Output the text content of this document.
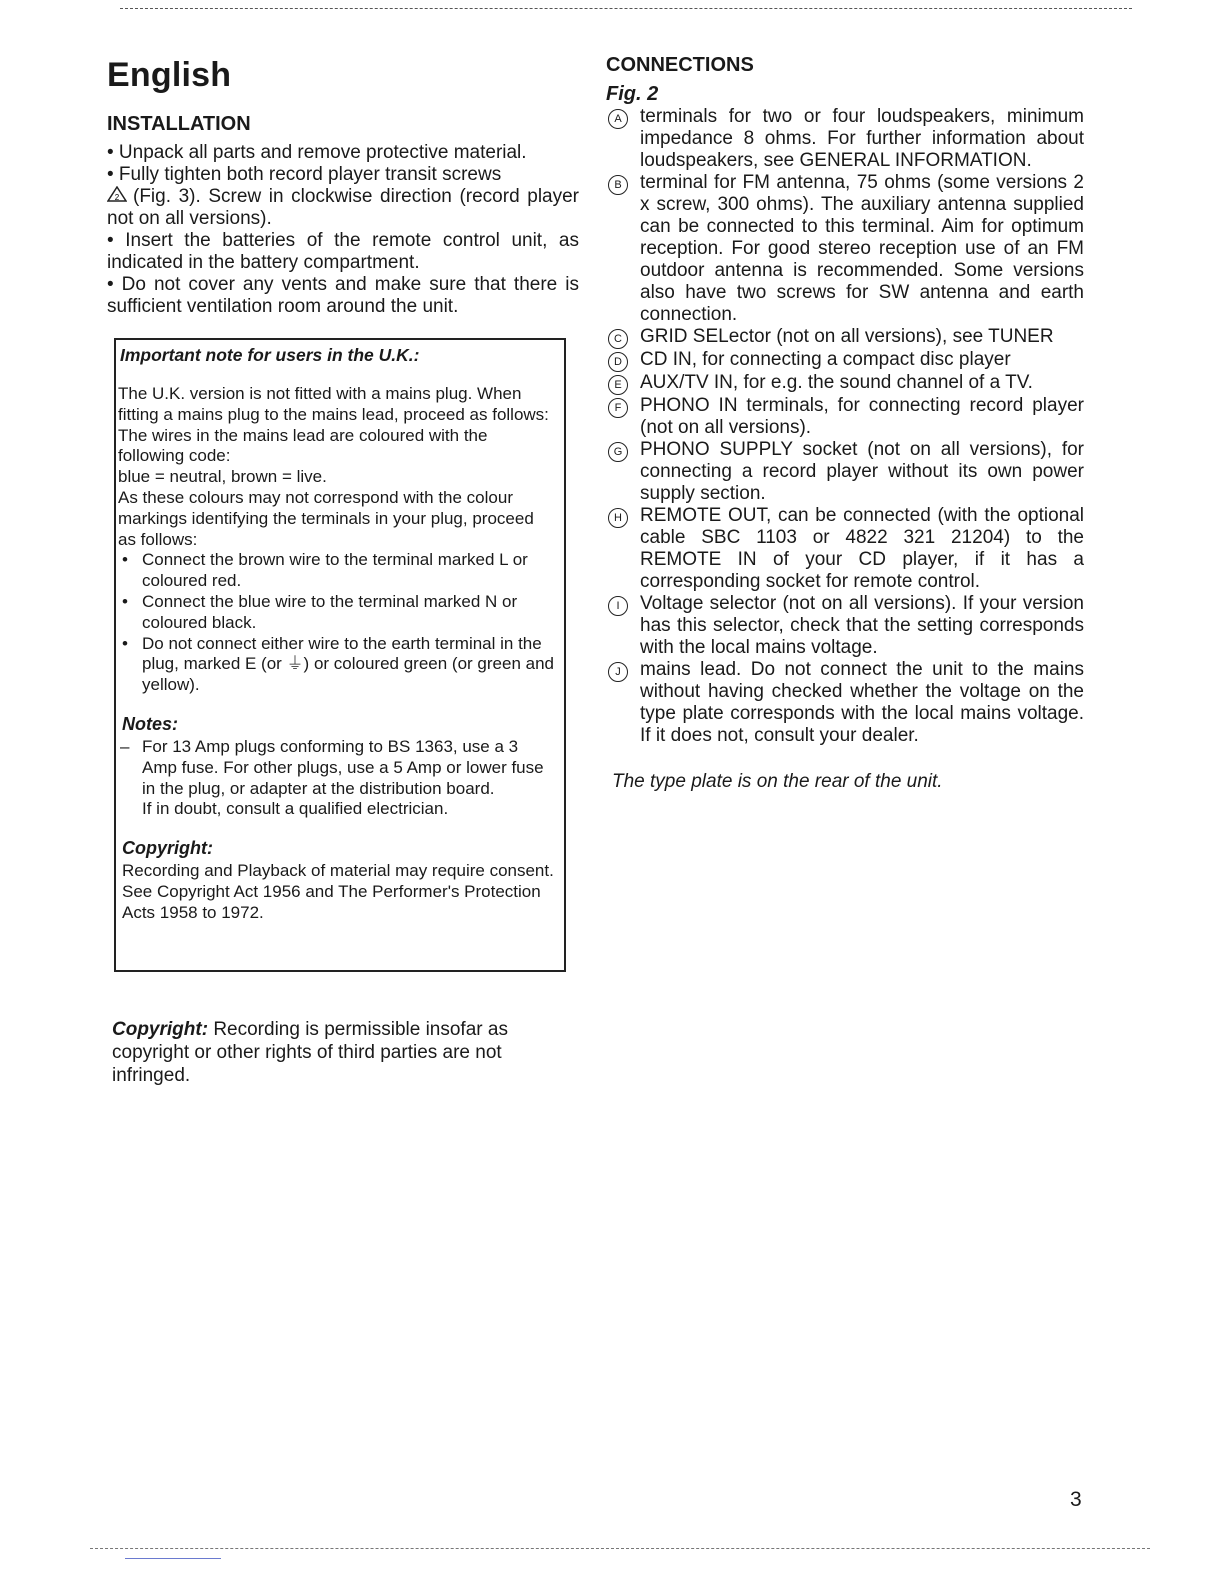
English
INSTALLATION

• Unpack all parts and remove protective material.

• Fully tighten both record player transit screws

2 (Fig. 3). Screw in clockwise direction (record player not on all versions).

• Insert the batteries of the remote control unit, as indicated in the battery compartment.

• Do not cover any vents and make sure that there is sufficient ventilation room around the unit.

Important note for users in the U.K.:

The U.K. version is not fitted with a mains plug. When fitting a mains plug to the mains lead, proceed as follows:

The wires in the mains lead are coloured with the following code:

blue = neutral, brown = live.

As these colours may not correspond with the colour markings identifying the terminals in your plug, proceed as follows:

• Connect the brown wire to the terminal marked L or coloured red.
• Connect the blue wire to the terminal marked N or coloured black.
• Do not connect either wire to the earth terminal in the plug, marked E (or ⏚) or coloured green (or green and yellow).
Notes:
– For 13 Amp plugs conforming to BS 1363, use a 3 Amp fuse. For other plugs, use a 5 Amp or lower fuse in the plug, or adapter at the distribution board.

If in doubt, consult a qualified electrician.

Copyright:

Recording and Playback of material may require consent. See Copyright Act 1956 and The Performer's Protection Acts 1958 to 1972.

Copyright: Recording is permissible insofar as copyright or other rights of third parties are not infringed.
CONNECTIONS
Fig. 2
A terminals for two or four loudspeakers, minimum impedance 8 ohms. For further information about loudspeakers, see GENERAL INFORMATION.
B terminal for FM antenna, 75 ohms (some versions 2 x screw, 300 ohms). The auxiliary antenna supplied can be connected to this terminal. Aim for optimum reception. For good stereo reception use of an FM outdoor antenna is recommended. Some versions also have two screws for SW antenna and earth connection.
C GRID SELector (not on all versions), see TUNER
D CD IN, for connecting a compact disc player
E AUX/TV IN, for e.g. the sound channel of a TV.
F PHONO IN terminals, for connecting record player (not on all versions).
G PHONO SUPPLY socket (not on all versions), for connecting a record player without its own power supply section.
H REMOTE OUT, can be connected (with the optional cable SBC 1103 or 4822 321 21204) to the REMOTE IN of your CD player, if it has a corresponding socket for remote control.
I	Voltage selector (not on all versions). If your version has this selector, check that the setting corresponds with the local mains voltage.
J	mains lead. Do not connect the unit to the mains without having checked whether the voltage on the type plate corresponds with the local mains voltage. If it does not, consult your dealer.
The type plate is on the rear of the unit.
3
